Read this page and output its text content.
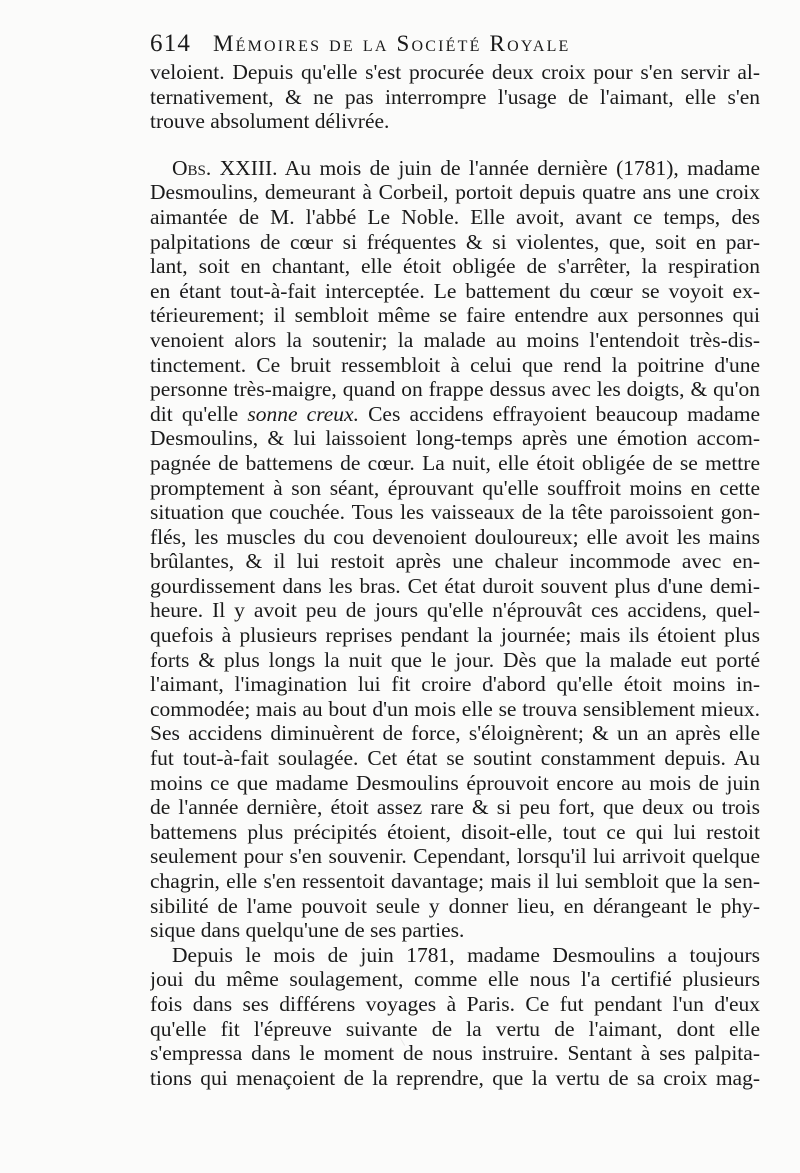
614 Mémoires de la Société Royale
veloient. Depuis qu'elle s'est procurée deux croix pour s'en servir al-
ternativement, & ne pas interrompre l'usage de l'aimant, elle s'en
trouve absolument délivrée.
Obs. XXIII. Au mois de juin de l'année dernière (1781), madame
Desmoulins, demeurant à Corbeil, portoit depuis quatre ans une croix
aimantée de M. l'abbé Le Noble. Elle avoit, avant ce temps, des
palpitations de cœur si fréquentes & si violentes, que, soit en par-
lant, soit en chantant, elle étoit obligée de s'arrêter, la respiration
en étant tout-à-fait interceptée. Le battement du cœur se voyoit ex-
térieurement; il sembloit même se faire entendre aux personnes qui
venoient alors la soutenir; la malade au moins l'entendoit très-dis-
tinctement. Ce bruit ressembloit à celui que rend la poitrine d'une
personne très-maigre, quand on frappe dessus avec les doigts, & qu'on
dit qu'elle sonne creux. Ces accidens effrayoient beaucoup madame
Desmoulins, & lui laissoient long-temps après une émotion accom-
pagnée de battemens de cœur. La nuit, elle étoit obligée de se mettre
promptement à son séant, éprouvant qu'elle souffroit moins en cette
situation que couchée. Tous les vaisseaux de la tête paroissoient gon-
flés, les muscles du cou devenoient douloureux; elle avoit les mains
brûlantes, & il lui restoit après une chaleur incommode avec en-
gourdissement dans les bras. Cet état duroit souvent plus d'une demi-
heure. Il y avoit peu de jours qu'elle n'éprouvât ces accidens, quel-
quefois à plusieurs reprises pendant la journée; mais ils étoient plus
forts & plus longs la nuit que le jour. Dès que la malade eut porté
l'aimant, l'imagination lui fit croire d'abord qu'elle étoit moins in-
commodée; mais au bout d'un mois elle se trouva sensiblement mieux.
Ses accidens diminuèrent de force, s'éloignèrent; & un an après elle
fut tout-à-fait soulagée. Cet état se soutint constamment depuis. Au
moins ce que madame Desmoulins éprouvoit encore au mois de juin
de l'année dernière, étoit assez rare & si peu fort, que deux ou trois
battemens plus précipités étoient, disoit-elle, tout ce qui lui restoit
seulement pour s'en souvenir. Cependant, lorsqu'il lui arrivoit quelque
chagrin, elle s'en ressentoit davantage; mais il lui sembloit que la sen-
sibilité de l'ame pouvoit seule y donner lieu, en dérangeant le phy-
sique dans quelqu'une de ses parties.
Depuis le mois de juin 1781, madame Desmoulins a toujours
joui du même soulagement, comme elle nous l'a certifié plusieurs
fois dans ses différens voyages à Paris. Ce fut pendant l'un d'eux
qu'elle fit l'épreuve suivante de la vertu de l'aimant, dont elle
s'empressa dans le moment de nous instruire. Sentant à ses palpita-
tions qui menaçoient de la reprendre, que la vertu de sa croix mag-
